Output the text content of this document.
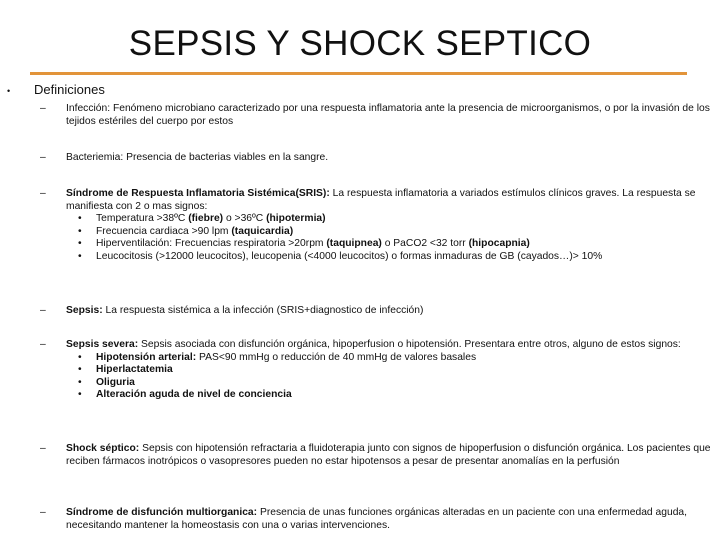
SEPSIS Y SHOCK SEPTICO
• Definiciones
–	Infección: Fenómeno microbiano caracterizado por una respuesta inflamatoria ante la presencia de microorganismos, o por la invasión de los tejidos estériles del cuerpo por estos
–	Bacteriemia: Presencia de bacterias viables en la sangre.
–	Síndrome de Respuesta Inflamatoria Sistémica(SRIS): La respuesta inflamatoria a variados estímulos clínicos graves. La respuesta se manifiesta con 2 o mas signos:
• Temperatura >38ºC (fiebre) o >36ºC (hipotermia)
• Frecuencia cardiaca >90 lpm (taquicardia)
• Hiperventilación: Frecuencias respiratoria >20rpm (taquipnea) o PaCO2 <32 torr (hipocapnia)
• Leucocitosis (>12000 leucocitos), leucopenia (<4000 leucocitos) o formas inmaduras de GB (cayados…)> 10%
–	Sepsis: La respuesta sistémica a la infección (SRIS+diagnostico de infección)
–	Sepsis severa: Sepsis asociada con disfunción orgánica, hipoperfusion o hipotensión. Presentara entre otros, alguno de estos signos:
• Hipotensión arterial: PAS<90 mmHg o reducción de 40 mmHg de valores basales
• Hiperlactatemia
• Oliguria
• Alteración aguda de nivel de conciencia
–	Shock séptico: Sepsis con hipotensión refractaria a fluidoterapia junto con signos de hipoperfusion o disfunción orgánica. Los pacientes que reciben fármacos inotrópicos o vasopresores pueden no estar hipotensos a pesar de presentar anomalías en la perfusión
–	Síndrome de disfunción multiorganica: Presencia de unas funciones orgánicas alteradas en un paciente con una enfermedad aguda, necesitando mantener la homeostasis con una o varias intervenciones.
